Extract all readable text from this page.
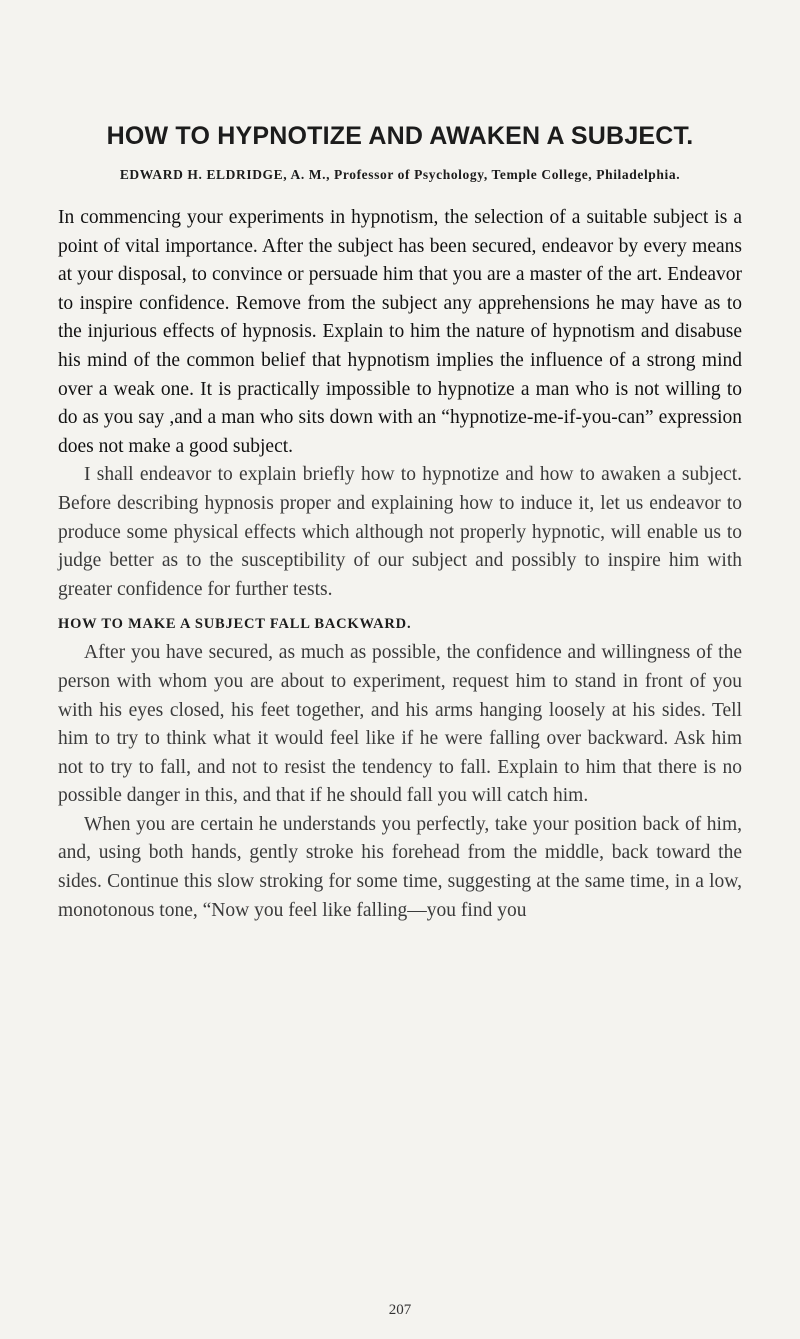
HOW TO HYPNOTIZE AND AWAKEN A SUBJECT.

EDWARD H. ELDRIDGE, A. M., Professor of Psychology, Temple College, Philadelphia.

In commencing your experiments in hypnotism, the selection of a suitable subject is a point of vital importance. After the subject has been secured, endeavor by every means at your disposal, to convince or persuade him that you are a master of the art. Endeavor to inspire confidence. Remove from the subject any apprehensions he may have as to the injurious effects of hypnosis. Explain to him the nature of hypnotism and disabuse his mind of the common belief that hypnotism implies the influence of a strong mind over a weak one. It is practically impossible to hypnotize a man who is not willing to do as you say ,and a man who sits down with an “hypnotize-me-if-you-can” expression does not make a good subject.

I shall endeavor to explain briefly how to hypnotize and how to awaken a subject. Before describing hypnosis proper and explaining how to induce it, let us endeavor to produce some physical effects which although not properly hypnotic, will enable us to judge better as to the susceptibility of our subject and possibly to inspire him with greater confidence for further tests.

HOW TO MAKE A SUBJECT FALL BACKWARD.

After you have secured, as much as possible, the confidence and willingness of the person with whom you are about to experiment, request him to stand in front of you with his eyes closed, his feet together, and his arms hanging loosely at his sides. Tell him to try to think what it would feel like if he were falling over backward. Ask him not to try to fall, and not to resist the tendency to fall. Explain to him that there is no possible danger in this, and that if he should fall you will catch him.

When you are certain he understands you perfectly, take your position back of him, and, using both hands, gently stroke his forehead from the middle, back toward the sides. Continue this slow stroking for some time, suggesting at the same time, in a low, monotonous tone, “Now you feel like falling—you find you

207
